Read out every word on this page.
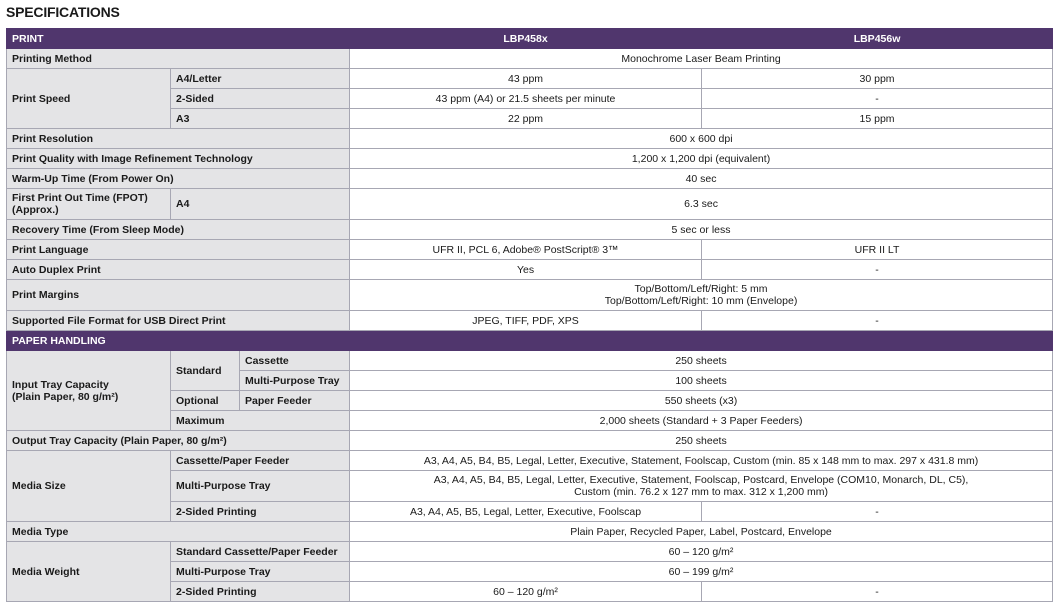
SPECIFICATIONS
PRINT			LBP458x	LBP456w
Printing Method			Monochrome Laser Beam Printing	
Print Speed	A4/Letter		43 ppm	30 ppm
	2-Sided		43 ppm (A4) or 21.5 sheets per minute	-
	A3		22 ppm	15 ppm
Print Resolution			600 x 600 dpi	
Print Quality with Image Refinement Technology			1,200 x 1,200 dpi (equivalent)	
Warm-Up Time (From Power On)			40 sec	

First Print Out Time (FPOT)
(Approx.)	A4		6.3 sec	
Recovery Time (From Sleep Mode)			5 sec or less	
Print Language			UFR II, PCL 6, Adobe® PostScript® 3™	UFR II LT
Auto Duplex Print			Yes	-
Print Margins			Top/Bottom/Left/Right: 5 mm
Top/Bottom/Left/Right: 10 mm (Envelope)	

Supported File Format for USB Direct Print			JPEG, TIFF, PDF, XPS	-
PAPER HANDLING				

Input Tray Capacity
(Plain Paper, 80 g/m²)	Standard	Cassette	250 sheets	
		Multi-Purpose Tray	100 sheets	
	Optional	Paper Feeder	550 sheets (x3)	
	Maximum		2,000 sheets (Standard + 3 Paper Feeders)	
Output Tray Capacity (Plain Paper, 80 g/m²)			250 sheets	
Media Size	Cassette/Paper Feeder		A3, A4, A5, B4, B5, Legal, Letter, Executive, Statement, Foolscap, Custom (min. 85 x 148 mm to max. 297 x 431.8 mm)	
	Multi-Purpose Tray		A3, A4, A5, B4, B5, Legal, Letter, Executive, Statement, Foolscap, Postcard, Envelope (COM10, Monarch, DL, C5),
Custom (min. 76.2 x 127 mm to max. 312 x 1,200 mm)	

	2-Sided Printing		A3, A4, A5, B5, Legal, Letter, Executive, Foolscap	-
Media Type			Plain Paper, Recycled Paper, Label, Postcard, Envelope	
Media Weight	Standard Cassette/Paper Feeder		60 – 120 g/m²	
	Multi-Purpose Tray		60 – 199 g/m²	
	2-Sided Printing		60 – 120 g/m²	-
